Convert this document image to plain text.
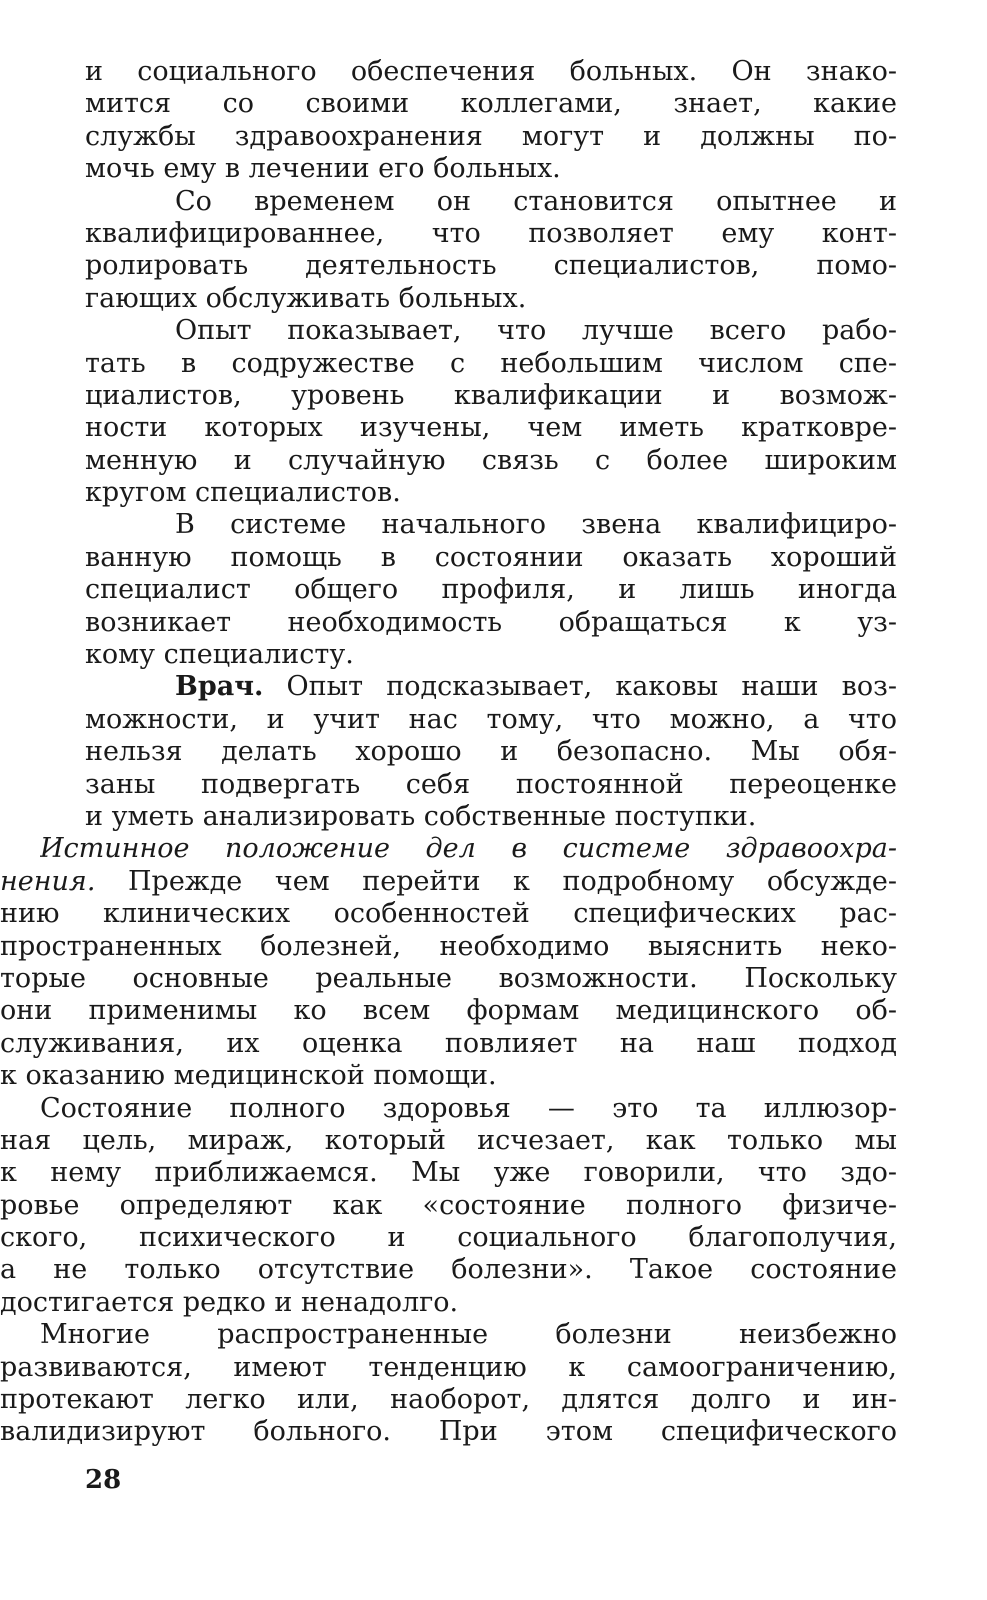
и социального обеспечения больных. Он знако-
мится со своими коллегами, знает, какие
службы здравоохранения могут и должны по-
мочь ему в лечении его больных.
Со временем он становится опытнее и
квалифицированнее, что позволяет ему конт-
ролировать деятельность специалистов, помо-
гающих обслуживать больных.
Опыт показывает, что лучше всего рабо-
тать в содружестве с небольшим числом спе-
циалистов, уровень квалификации и возмож-
ности которых изучены, чем иметь кратковре-
менную и случайную связь с более широким
кругом специалистов.
В системе начального звена квалифициро-
ванную помощь в состоянии оказать хороший
специалист общего профиля, и лишь иногда
возникает необходимость обращаться к уз-
кому специалисту.
Врач. Опыт подсказывает, каковы наши воз-
можности, и учит нас тому, что можно, а что
нельзя делать хорошо и безопасно. Мы обя-
заны подвергать себя постоянной переоценке
и уметь анализировать собственные поступки.
Истинное положение дел в системе здравоохра-
нения. Прежде чем перейти к подробному обсужде-
нию клинических особенностей специфических рас-
пространенных болезней, необходимо выяснить неко-
торые основные реальные возможности. Поскольку
они применимы ко всем формам медицинского об-
служивания, их оценка повлияет на наш подход
к оказанию медицинской помощи.
Состояние полного здоровья — это та иллюзор-
ная цель, мираж, который исчезает, как только мы
к нему приближаемся. Мы уже говорили, что здо-
ровье определяют как «состояние полного физиче-
ского, психического и социального благополучия,
а не только отсутствие болезни». Такое состояние
достигается редко и ненадолго.
Многие распространенные болезни неизбежно
развиваются, имеют тенденцию к самоограничению,
протекают легко или, наоборот, длятся долго и ин-
валидизируют больного. При этом специфического
28
